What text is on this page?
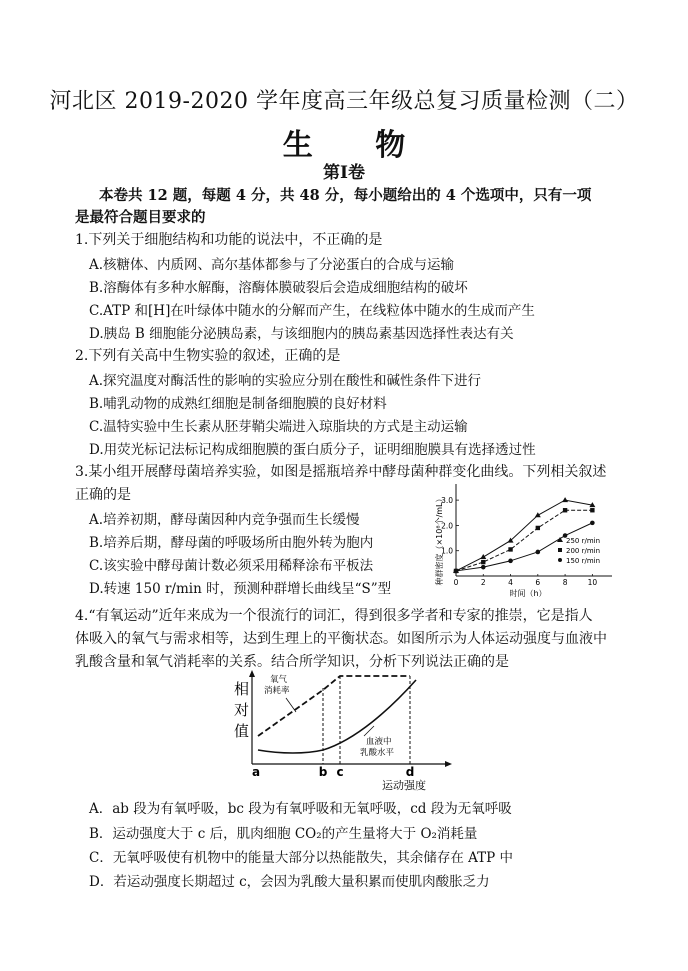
河北区 2019-2020 学年度高三年级总复习质量检测（二）
生 物
第Ⅰ卷
本卷共 12 题，每题 4 分，共 48 分，每小题给出的 4 个选项中，只有一项
是最符合题目要求的
1.下列关于细胞结构和功能的说法中，不正确的是
A.核糖体、内质网、高尔基体都参与了分泌蛋白的合成与运输
B.溶酶体有多种水解酶，溶酶体膜破裂后会造成细胞结构的破坏
C.ATP 和[H]在叶绿体中随水的分解而产生，在线粒体中随水的生成而产生
D.胰岛 B 细胞能分泌胰岛素，与该细胞内的胰岛素基因选择性表达有关
2.下列有关高中生物实验的叙述，正确的是
A.探究温度对酶活性的影响的实验应分别在酸性和碱性条件下进行
B.哺乳动物的成熟红细胞是制备细胞膜的良好材料
C.温特实验中生长素从胚芽鞘尖端进入琼脂块的方式是主动运输
D.用荧光标记法标记构成细胞膜的蛋白质分子，证明细胞膜具有选择透过性
3.某小组开展酵母菌培养实验，如图是摇瓶培养中酵母菌种群变化曲线。下列相关叙述
正确的是
A.培养初期，酵母菌因种内竞争强而生长缓慢
B.培养后期，酵母菌的呼吸场所由胞外转为胞内
C.该实验中酵母菌计数必须采用稀释涂布平板法
D.转速 150 r/min 时，预测种群增长曲线呈“S”型	0	2	4	6	8	10
1.0
2.0
3.0
250 r/min
200 r/min
150 r/min
种群密度（×10⁸个/mL）
时间（h）
4.“有氧运动”近年来成为一个很流行的词汇，得到很多学者和专家的推崇，它是指人
体吸入的氧气与需求相等，达到生理上的平衡状态。如图所示为人体运动强度与血液中
乳酸含量和氧气消耗率的关系。结合所学知识，分析下列说法正确的是
相
对
值
氧气
消耗率
血液中
乳酸水平
a	b c	d
运动强度
A．ab 段为有氧呼吸，bc 段为有氧呼吸和无氧呼吸，cd 段为无氧呼吸
B．运动强度大于 c 后，肌肉细胞 CO₂的产生量将大于 O₂消耗量
C．无氧呼吸使有机物中的能量大部分以热能散失，其余储存在 ATP 中
D．若运动强度长期超过 c，会因为乳酸大量积累而使肌肉酸胀乏力
